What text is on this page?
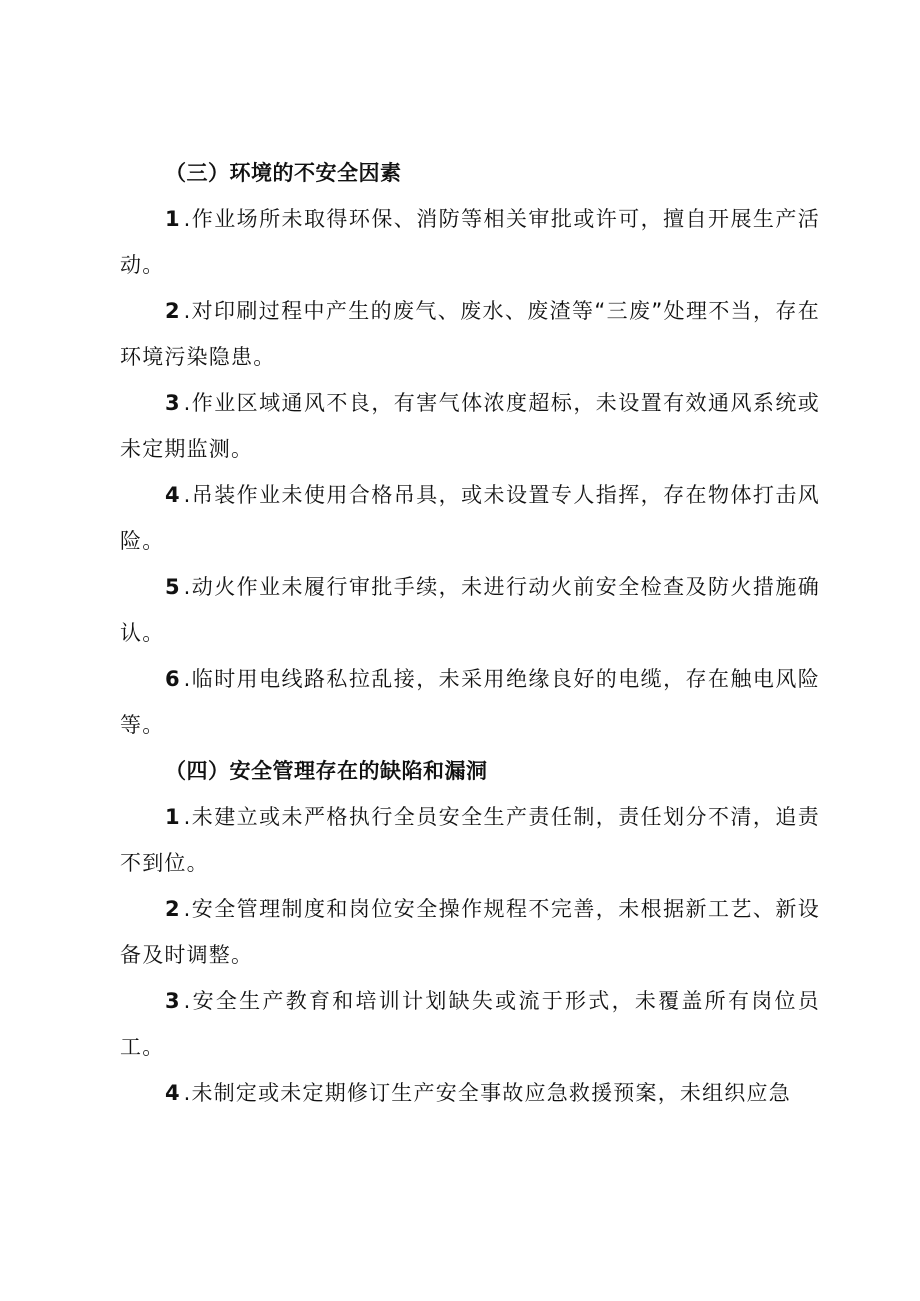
（三）环境的不安全因素

1 .作业场所未取得环保、消防等相关审批或许可，擅自开展生产活动。

2 .对印刷过程中产生的废气、废水、废渣等“三废”处理不当，存在环境污染隐患。

3 .作业区域通风不良，有害气体浓度超标，未设置有效通风系统或未定期监测。

4 .吊装作业未使用合格吊具，或未设置专人指挥，存在物体打击风险。

5 .动火作业未履行审批手续，未进行动火前安全检查及防火措施确认。

6 .临时用电线路私拉乱接，未采用绝缘良好的电缆，存在触电风险等。

（四）安全管理存在的缺陷和漏洞

1 .未建立或未严格执行全员安全生产责任制，责任划分不清，追责不到位。

2 .安全管理制度和岗位安全操作规程不完善，未根据新工艺、新设备及时调整。

3 .安全生产教育和培训计划缺失或流于形式，未覆盖所有岗位员工。

4 .未制定或未定期修订生产安全事故应急救援预案，未组织应急
